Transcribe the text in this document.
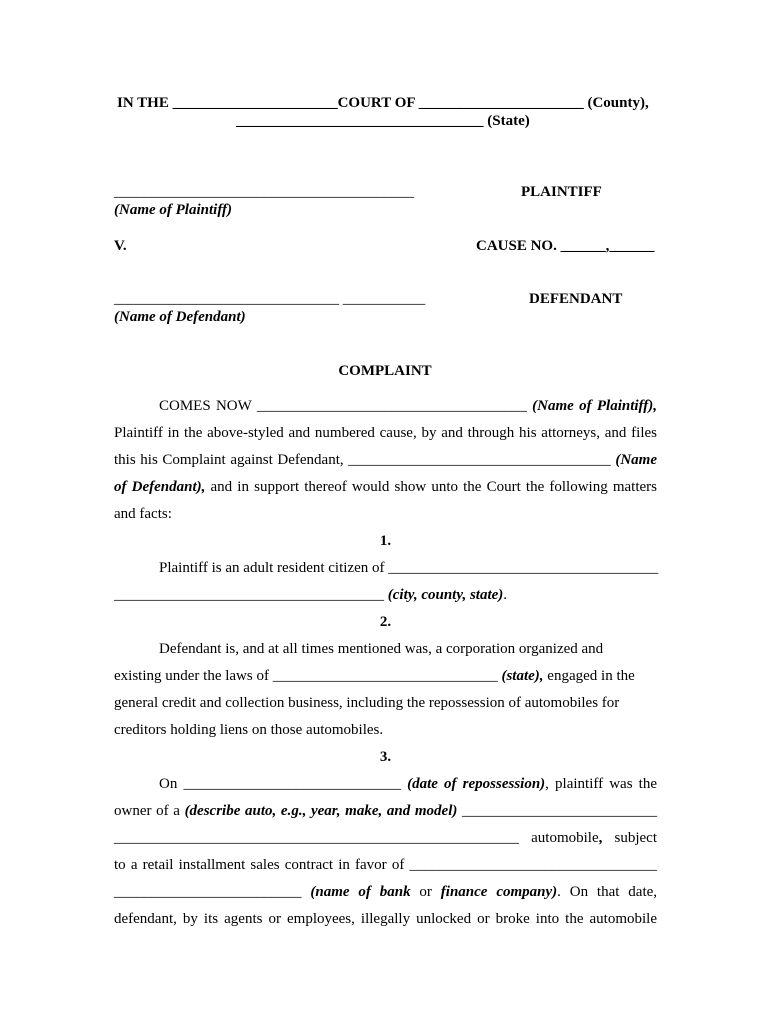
IN THE ______________________COURT OF ______________________ (County),
_________________________________ (State)
________________________________________	PLAINTIFF
(Name of Plaintiff)
V.	CAUSE NO. ______,______
______________________________ ___________	DEFENDANT
(Name of Defendant)
COMPLAINT
COMES NOW ____________________________________ (Name of Plaintiff),
Plaintiff in the above-styled and numbered cause, by and through his attorneys, and files
this his Complaint against Defendant, ___________________________________ (Name
of Defendant), and in support thereof would show unto the Court the following matters
and facts:
1.
Plaintiff is an adult resident citizen of ____________________________________
____________________________________ (city, county, state).
2.
Defendant is, and at all times mentioned was, a corporation organized and
existing under the laws of ______________________________ (state), engaged in the
general credit and collection business, including the repossession of automobiles for
creditors holding liens on those automobiles.
3.
On _____________________________ (date of repossession), plaintiff was the
owner of a (describe auto, e.g., year, make, and model) __________________________
______________________________________________________ automobile, subject
to a retail installment sales contract in favor of _________________________________
_________________________ (name of bank or finance company). On that date,
defendant, by its agents or employees, illegally unlocked or broke into the automobile
